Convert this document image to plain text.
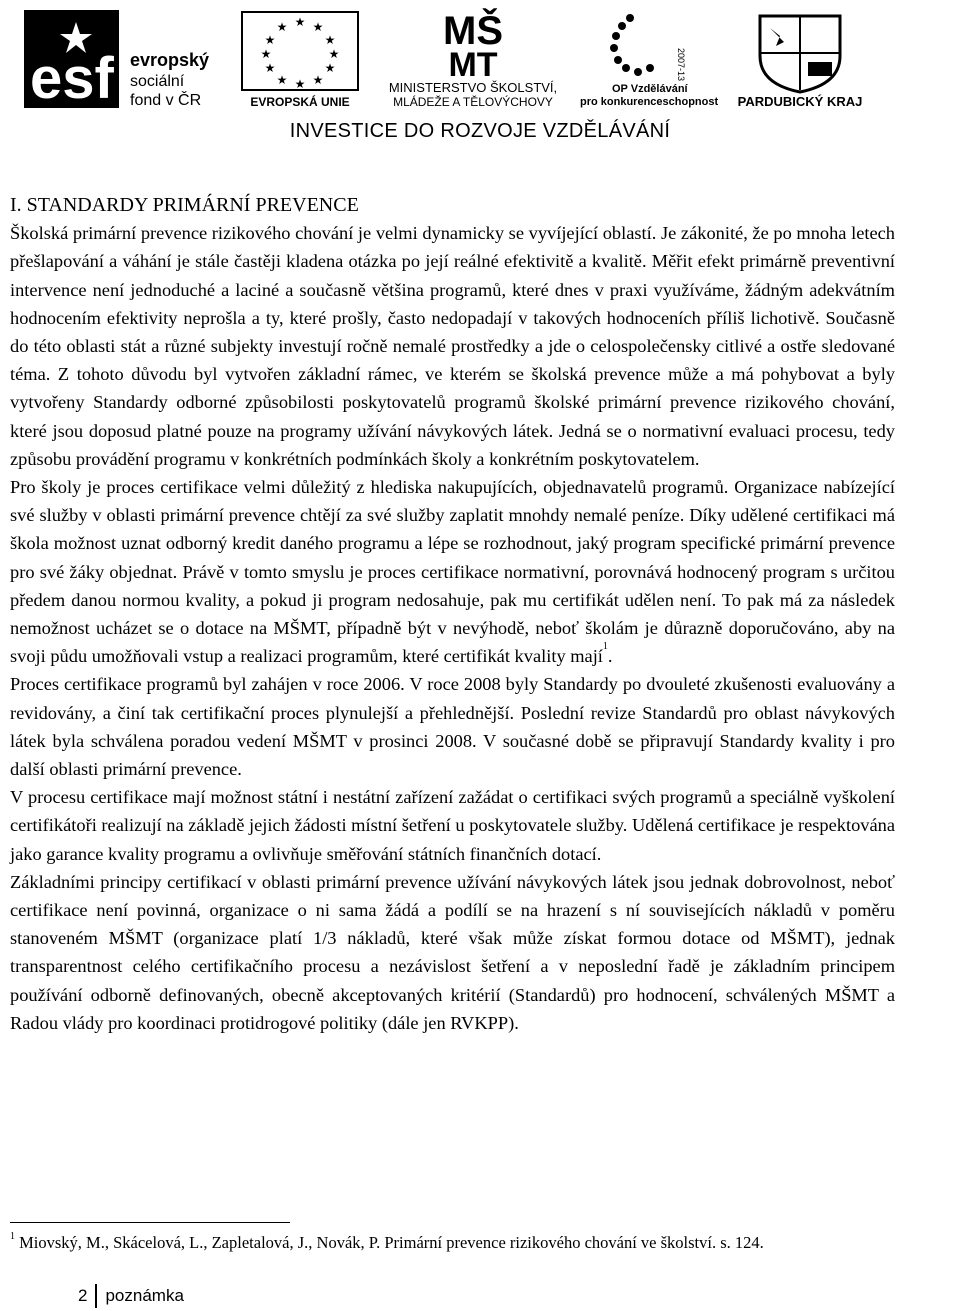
esf evropský
sociální
fond v ČR
★ ★
★
★
★
★
★
★
★
★
★
★
EVROPSKÁ UNIE
MŠ
MT
MINISTERSTVO ŠKOLSTVÍ,
MLÁDEŽE A TĚLOVÝCHOVY
2007-13
OP Vzdělávání
pro konkurenceschopnost PARDUBICKÝ KRAJ
INVESTICE DO ROZVOJE VZDĚLÁVÁNÍ

I. STANDARDY PRIMÁRNÍ PREVENCE

Školská primární prevence rizikového chování je velmi dynamicky se vyvíjející oblastí. Je zákonité, že po mnoha letech přešlapování a váhání je stále častěji kladena otázka po její reálné efektivitě a kvalitě. Měřit efekt primárně preventivní intervence není jednoduché a laciné a současně většina programů, které dnes v praxi využíváme, žádným adekvátním hodnocením efektivity neprošla a ty, které prošly, často nedopadají v takových hodnoceních příliš lichotivě. Současně do této oblasti stát a různé subjekty investují ročně nemalé prostředky a jde o celospolečensky citlivé a ostře sledované téma. Z tohoto důvodu byl vytvořen základní rámec, ve kterém se školská prevence může a má pohybovat a byly vytvořeny Standardy odborné způsobilosti poskytovatelů programů školské primární prevence rizikového chování, které jsou doposud platné pouze na programy užívání návykových látek. Jedná se o normativní evaluaci procesu, tedy způsobu provádění programu v konkrétních podmínkách školy a konkrétním poskytovatelem.

Pro školy je proces certifikace velmi důležitý z hlediska nakupujících, objednavatelů programů. Organizace nabízející své služby v oblasti primární prevence chtějí za své služby zaplatit mnohdy nemalé peníze. Díky udělené certifikaci má škola možnost uznat odborný kredit daného programu a lépe se rozhodnout, jaký program specifické primární prevence pro své žáky objednat. Právě v tomto smyslu je proces certifikace normativní, porovnává hodnocený program s určitou předem danou normou kvality, a pokud ji program nedosahuje, pak mu certifikát udělen není. To pak má za následek nemožnost ucházet se o dotace na MŠMT, případně být v nevýhodě, neboť školám je důrazně doporučováno, aby na svoji půdu umožňovali vstup a realizaci programům, které certifikát kvality mají$^1$.

Proces certifikace programů byl zahájen v roce 2006. V roce 2008 byly Standardy po dvouleté zkušenosti evaluovány a revidovány, a činí tak certifikační proces plynulejší a přehlednější. Poslední revize Standardů pro oblast návykových látek byla schválena poradou vedení MŠMT v prosinci 2008. V současné době se připravují Standardy kvality i pro další oblasti primární prevence.

V procesu certifikace mají možnost státní i nestátní zařízení zažádat o certifikaci svých programů a speciálně vyškolení certifikátoři realizují na základě jejich žádosti místní šetření u poskytovatele služby. Udělená certifikace je respektována jako garance kvality programu a ovlivňuje směřování státních finančních dotací.

Základními principy certifikací v oblasti primární prevence užívání návykových látek jsou jednak dobrovolnost, neboť certifikace není povinná, organizace o ni sama žádá a podílí se na hrazení s ní souvisejících nákladů v poměru stanoveném MŠMT (organizace platí 1/3 nákladů, které však může získat formou dotace od MŠMT), jednak transparentnost celého certifikačního procesu a nezávislost šetření a v neposlední řadě je základním principem používání odborně definovaných, obecně akceptovaných kritérií (Standardů) pro hodnocení, schválených MŠMT a Radou vlády pro koordinaci protidrogové politiky (dále jen RVKPP).

$^1$ Miovský, M., Skácelová, L., Zapletalová, J., Novák, P. Primární prevence rizikového chování ve školství. s. 124.
2 poznámka
